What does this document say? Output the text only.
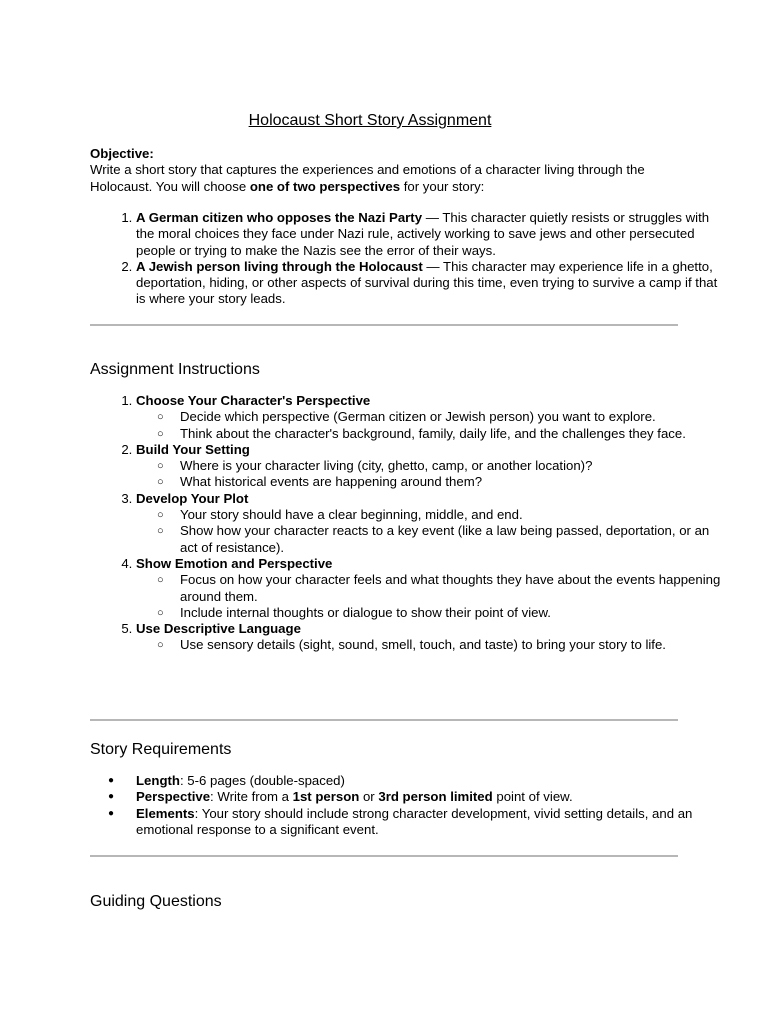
Holocaust Short Story Assignment
Objective:
Write a short story that captures the experiences and emotions of a character living through the Holocaust. You will choose one of two perspectives for your story:
1. A German citizen who opposes the Nazi Party — This character quietly resists or struggles with the moral choices they face under Nazi rule, actively working to save jews and other persecuted people or trying to make the Nazis see the error of their ways.
2. A Jewish person living through the Holocaust — This character may experience life in a ghetto, deportation, hiding, or other aspects of survival during this time, even trying to survive a camp if that is where your story leads.
Assignment Instructions
1. Choose Your Character's Perspective
○ Decide which perspective (German citizen or Jewish person) you want to explore.
○ Think about the character's background, family, daily life, and the challenges they face.
2. Build Your Setting
○ Where is your character living (city, ghetto, camp, or another location)?
○ What historical events are happening around them?
3. Develop Your Plot
○ Your story should have a clear beginning, middle, and end.
○ Show how your character reacts to a key event (like a law being passed, deportation, or an act of resistance).
4. Show Emotion and Perspective
○ Focus on how your character feels and what thoughts they have about the events happening around them.
○ Include internal thoughts or dialogue to show their point of view.
5. Use Descriptive Language
○ Use sensory details (sight, sound, smell, touch, and taste) to bring your story to life.
Story Requirements
● Length: 5-6 pages (double-spaced)
● Perspective: Write from a 1st person or 3rd person limited point of view.
● Elements: Your story should include strong character development, vivid setting details, and an emotional response to a significant event.
Guiding Questions
